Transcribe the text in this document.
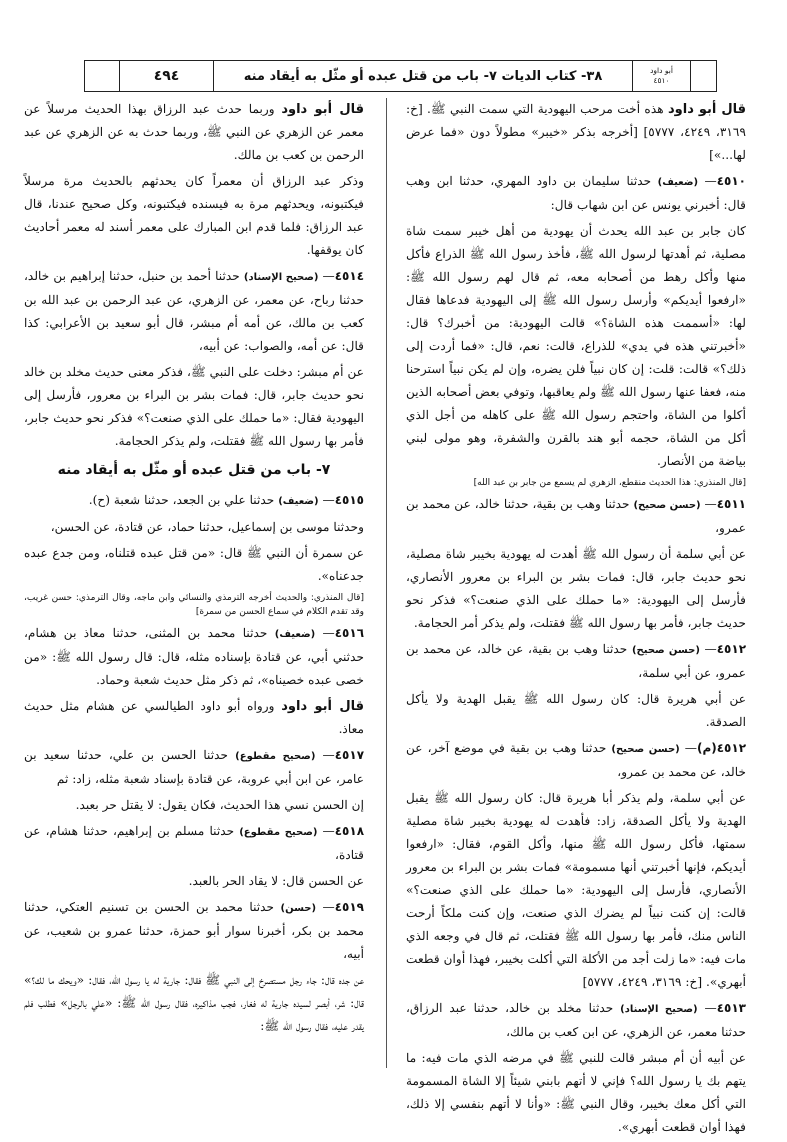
أبو داود
٤٥١٠
٣٨- كتاب الديات ٧- باب من قتل عبده أو مثّل به أيقاد منه
٤٩٤
قال أبو داود هذه أخت مرحب اليهودية التي سمت النبي ﷺ. [خ: ٣١٦٩، ٤٢٤٩، ٥٧٧٧] [أخرجه بذكر «خيبر» مطولاً دون «فما عرض لها...»]
٤٥١٠— (ضعيف) حدثنا سليمان بن داود المهري، حدثنا ابن وهب قال: أخبرني يونس عن ابن شهاب قال:
كان جابر بن عبد الله يحدث أن يهودية من أهل خيبر سمت شاة مصلية، ثم أهدتها لرسول الله ﷺ، فأخذ رسول الله ﷺ الذراع فأكل منها وأكل رهط من أصحابه معه، ثم قال لهم رسول الله ﷺ: «ارفعوا أيديكم» وأرسل رسول الله ﷺ إلى اليهودية فدعاها فقال لها: «أسممت هذه الشاة؟» قالت اليهودية: من أخبرك؟ قال: «أخبرتني هذه في يدي» للذراع، قالت: نعم، قال: «فما أردت إلى ذلك؟» قالت: قلت: إن كان نبياً فلن يضره، وإن لم يكن نبياً استرحنا منه، فعفا عنها رسول الله ﷺ ولم يعاقبها، وتوفي بعض أصحابه الذين أكلوا من الشاة، واحتجم رسول الله ﷺ على كاهله من أجل الذي أكل من الشاة، حجمه أبو هند بالقرن والشفرة، وهو مولى لبني بياضة من الأنصار.
[قال المنذري: هذا الحديث منقطع، الزهري لم يسمع من جابر بن عبد الله]
٤٥١١— (حسن صحيح) حدثنا وهب بن بقية، حدثنا خالد، عن محمد بن عمرو،
عن أبي سلمة أن رسول الله ﷺ أهدت له يهودية بخيبر شاة مصلية، نحو حديث جابر، قال: فمات بشر بن البراء بن معرور الأنصاري، فأرسل إلى اليهودية: «ما حملك على الذي صنعت؟» فذكر نحو حديث جابر، فأمر بها رسول الله ﷺ فقتلت، ولم يذكر أمر الحجامة.
٤٥١٢— (حسن صحيح) حدثنا وهب بن بقية، عن خالد، عن محمد بن عمرو، عن أبي سلمة،
عن أبي هريرة قال: كان رسول الله ﷺ يقبل الهدية ولا يأكل الصدقة.
٤٥١٢(م)— (حسن صحيح) حدثنا وهب بن بقية في موضع آخر، عن خالد، عن محمد بن عمرو،
عن أبي سلمة، ولم يذكر أبا هريرة قال: كان رسول الله ﷺ يقبل الهدية ولا يأكل الصدقة، زاد: فأهدت له يهودية بخيبر شاة مصلية سمتها، فأكل رسول الله ﷺ منها، وأكل القوم، فقال: «ارفعوا أيديكم، فإنها أخبرتني أنها مسمومة» فمات بشر بن البراء بن معرور الأنصاري، فأرسل إلى اليهودية: «ما حملك على الذي صنعت؟» قالت: إن كنت نبياً لم يضرك الذي صنعت، وإن كنت ملكاً أرحت الناس منك، فأمر بها رسول الله ﷺ فقتلت، ثم قال في وجعه الذي مات فيه: «ما زلت أجد من الأكلة التي أكلت بخيبر، فهذا أوان قطعت أبهري». [خ: ٣١٦٩، ٤٢٤٩، ٥٧٧٧]
٤٥١٣— (صحيح الإسناد) حدثنا مخلد بن خالد، حدثنا عبد الرزاق، حدثنا معمر، عن الزهري، عن ابن كعب بن مالك،
عن أبيه أن أم مبشر قالت للنبي ﷺ في مرضه الذي مات فيه: ما يتهم بك يا رسول الله؟ فإني لا أتهم بابني شيئاً إلا الشاة المسمومة التي أكل معك بخيبر، وقال النبي ﷺ: «وأنا لا أتهم بنفسي إلا ذلك، فهذا أوان قطعت أبهري».
قال أبو داود وربما حدث عبد الرزاق بهذا الحديث مرسلاً عن معمر عن الزهري عن النبي ﷺ، وربما حدث به عن الزهري عن عبد الرحمن بن كعب بن مالك.
وذكر عبد الرزاق أن معمراً كان يحدثهم بالحديث مرة مرسلاً فيكتبونه، ويحدثهم مرة به فيسنده فيكتبونه، وكل صحيح عندنا، قال عبد الرزاق: فلما قدم ابن المبارك على معمر أسند له معمر أحاديث كان يوقفها.
٤٥١٤— (صحيح الإسناد) حدثنا أحمد بن حنبل، حدثنا إبراهيم بن خالد، حدثنا رباح، عن معمر، عن الزهري، عن عبد الرحمن بن عبد الله بن كعب بن مالك، عن أمه أم مبشر، قال أبو سعيد بن الأعرابي: كذا قال: عن أمه، والصواب: عن أبيه،
عن أم مبشر: دخلت على النبي ﷺ، فذكر معنى حديث مخلد بن خالد نحو حديث جابر، قال: فمات بشر بن البراء بن معرور، فأرسل إلى اليهودية فقال: «ما حملك على الذي صنعت؟» فذكر نحو حديث جابر، فأمر بها رسول الله ﷺ فقتلت، ولم يذكر الحجامة.
٧- باب من قتل عبده أو مثّل به أيقاد منه
٤٥١٥— (ضعيف) حدثنا علي بن الجعد، حدثنا شعبة (ح).
وحدثنا موسى بن إسماعيل، حدثنا حماد، عن قتادة، عن الحسن،
عن سمرة أن النبي ﷺ قال: «من قتل عبده قتلناه، ومن جدع عبده جدعناه».
[قال المنذري: والحديث أخرجه الترمذي والنسائي وابن ماجه، وقال الترمذي: حسن غريب، وقد تقدم الكلام في سماع الحسن من سمرة]
٤٥١٦— (ضعيف) حدثنا محمد بن المثنى، حدثنا معاذ بن هشام، حدثني أبي، عن قتادة بإسناده مثله، قال: قال رسول الله ﷺ: «من خصى عبده خصيناه»، ثم ذكر مثل حديث شعبة وحماد.
قال أبو داود ورواه أبو داود الطيالسي عن هشام مثل حديث معاذ.
٤٥١٧— (صحيح مقطوع) حدثنا الحسن بن علي، حدثنا سعيد بن عامر، عن ابن أبي عروبة، عن قتادة بإسناد شعبة مثله، زاد: ثم
إن الحسن نسي هذا الحديث، فكان يقول: لا يقتل حر بعبد.
٤٥١٨— (صحيح مقطوع) حدثنا مسلم بن إبراهيم، حدثنا هشام، عن قتادة،
عن الحسن قال: لا يقاد الحر بالعبد.
٤٥١٩— (حسن) حدثنا محمد بن الحسن بن تسنيم العتكي، حدثنا محمد بن بكر، أخبرنا سوار أبو حمزة، حدثنا عمرو بن شعيب، عن أبيه،
عن جده قال: جاء رجل مستصرخ إلى النبي ﷺ فقال: جارية له يا رسول الله، فقال: «ويحك ما لك؟» قال: شر، أبصر لسيده جارية له فغار، فجب مذاكيره، فقال رسول الله ﷺ: «علي بالرجل» فطلب فلم يقدر عليه، فقال رسول الله ﷺ:
